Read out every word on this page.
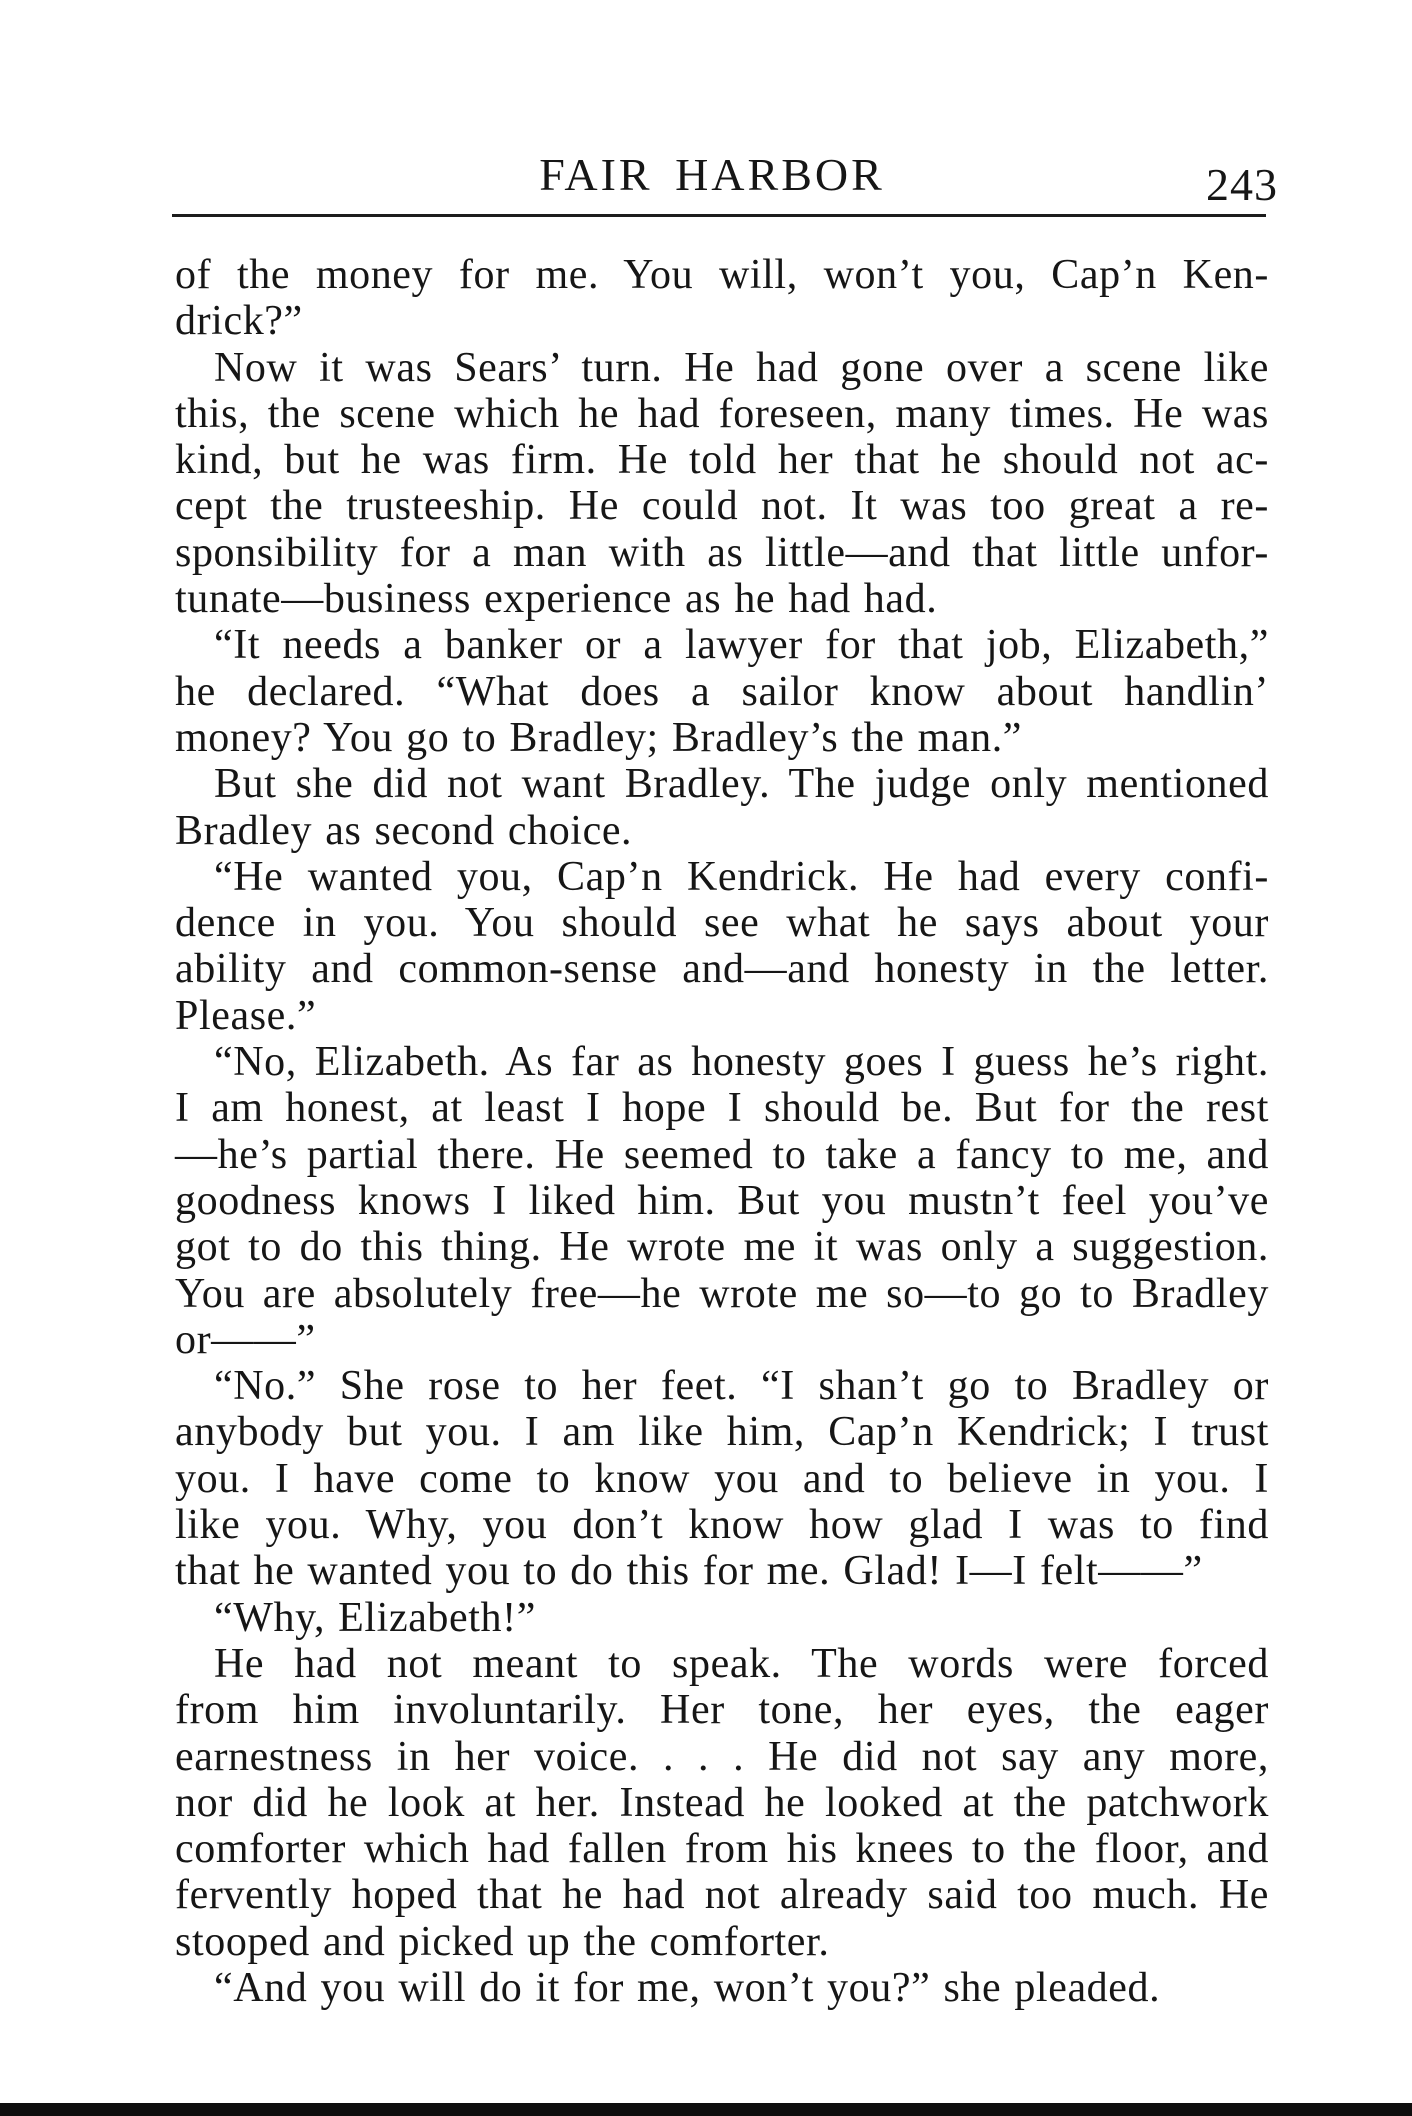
FAIR HARBOR	243
of the money for me. You will, won’t you, Cap’n Ken-
drick?”
Now it was Sears’ turn. He had gone over a scene like
this, the scene which he had foreseen, many times. He was
kind, but he was firm. He told her that he should not ac-
cept the trusteeship. He could not. It was too great a re-
sponsibility for a man with as little—and that little unfor-
tunate—business experience as he had had.
“It needs a banker or a lawyer for that job, Elizabeth,”
he declared. “What does a sailor know about handlin’
money? You go to Bradley; Bradley’s the man.”
But she did not want Bradley. The judge only mentioned
Bradley as second choice.
“He wanted you, Cap’n Kendrick. He had every confi-
dence in you. You should see what he says about your
ability and common-sense and—and honesty in the letter.
Please.”
“No, Elizabeth. As far as honesty goes I guess he’s right.
I am honest, at least I hope I should be. But for the rest
—he’s partial there. He seemed to take a fancy to me, and
goodness knows I liked him. But you mustn’t feel you’ve
got to do this thing. He wrote me it was only a suggestion.
You are absolutely free—he wrote me so—to go to Bradley
or——”
“No.” She rose to her feet. “I shan’t go to Bradley or
anybody but you. I am like him, Cap’n Kendrick; I trust
you. I have come to know you and to believe in you. I
like you. Why, you don’t know how glad I was to find
that he wanted you to do this for me. Glad! I—I felt——”
“Why, Elizabeth!”
He had not meant to speak. The words were forced
from him involuntarily. Her tone, her eyes, the eager
earnestness in her voice. . . . He did not say any more,
nor did he look at her. Instead he looked at the patchwork
comforter which had fallen from his knees to the floor, and
fervently hoped that he had not already said too much. He
stooped and picked up the comforter.
“And you will do it for me, won’t you?” she pleaded.
